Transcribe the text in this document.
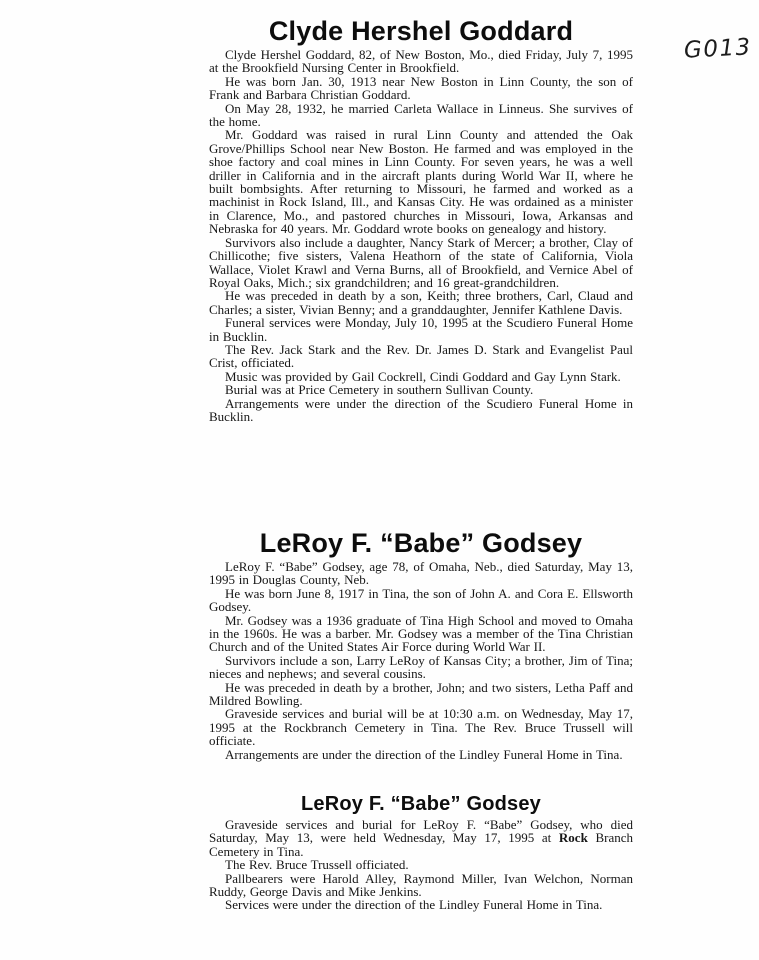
G013
Clyde Hershel Goddard

Clyde Hershel Goddard, 82, of New Boston, Mo., died Friday, July 7, 1995 at the Brookfield Nursing Center in Brookfield.

He was born Jan. 30, 1913 near New Boston in Linn County, the son of Frank and Barbara Christian Goddard.

On May 28, 1932, he married Carleta Wallace in Linneus. She survives of the home.

Mr. Goddard was raised in rural Linn County and attended the Oak Grove/Phillips School near New Boston. He farmed and was employed in the shoe factory and coal mines in Linn County. For seven years, he was a well driller in California and in the aircraft plants during World War II, where he built bombsights. After returning to Missouri, he farmed and worked as a machinist in Rock Island, Ill., and Kansas City. He was ordained as a minister in Clarence, Mo., and pastored churches in Missouri, Iowa, Arkansas and Nebraska for 40 years. Mr. Goddard wrote books on genealogy and history.

Survivors also include a daughter, Nancy Stark of Mercer; a brother, Clay of Chillicothe; five sisters, Valena Heathorn of the state of California, Viola Wallace, Violet Krawl and Verna Burns, all of Brookfield, and Vernice Abel of Royal Oaks, Mich.; six grandchildren; and 16 great-grandchildren.

He was preceded in death by a son, Keith; three brothers, Carl, Claud and Charles; a sister, Vivian Benny; and a granddaughter, Jennifer Kathlene Davis.

Funeral services were Monday, July 10, 1995 at the Scudiero Funeral Home in Bucklin.

The Rev. Jack Stark and the Rev. Dr. James D. Stark and Evangelist Paul Crist, officiated.

Music was provided by Gail Cockrell, Cindi Goddard and Gay Lynn Stark.

Burial was at Price Cemetery in southern Sullivan County.

Arrangements were under the direction of the Scudiero Funeral Home in Bucklin.

LeRoy F. “Babe” Godsey

LeRoy F. “Babe” Godsey, age 78, of Omaha, Neb., died Saturday, May 13, 1995 in Douglas County, Neb.

He was born June 8, 1917 in Tina, the son of John A. and Cora E. Ellsworth Godsey.

Mr. Godsey was a 1936 graduate of Tina High School and moved to Omaha in the 1960s. He was a barber. Mr. Godsey was a member of the Tina Christian Church and of the United States Air Force during World War II.

Survivors include a son, Larry LeRoy of Kansas City; a brother, Jim of Tina; nieces and nephews; and several cousins.

He was preceded in death by a brother, John; and two sisters, Letha Paff and Mildred Bowling.

Graveside services and burial will be at 10:30 a.m. on Wednesday, May 17, 1995 at the Rockbranch Cemetery in Tina. The Rev. Bruce Trussell will officiate.

Arrangements are under the direction of the Lindley Funeral Home in Tina.

LeRoy F. “Babe” Godsey

Graveside services and burial for LeRoy F. “Babe” Godsey, who died Saturday, May 13, were held Wednesday, May 17, 1995 at Rock Branch Cemetery in Tina.

The Rev. Bruce Trussell officiated.

Pallbearers were Harold Alley, Raymond Miller, Ivan Welchon, Norman Ruddy, George Davis and Mike Jenkins.

Services were under the direction of the Lindley Funeral Home in Tina.
